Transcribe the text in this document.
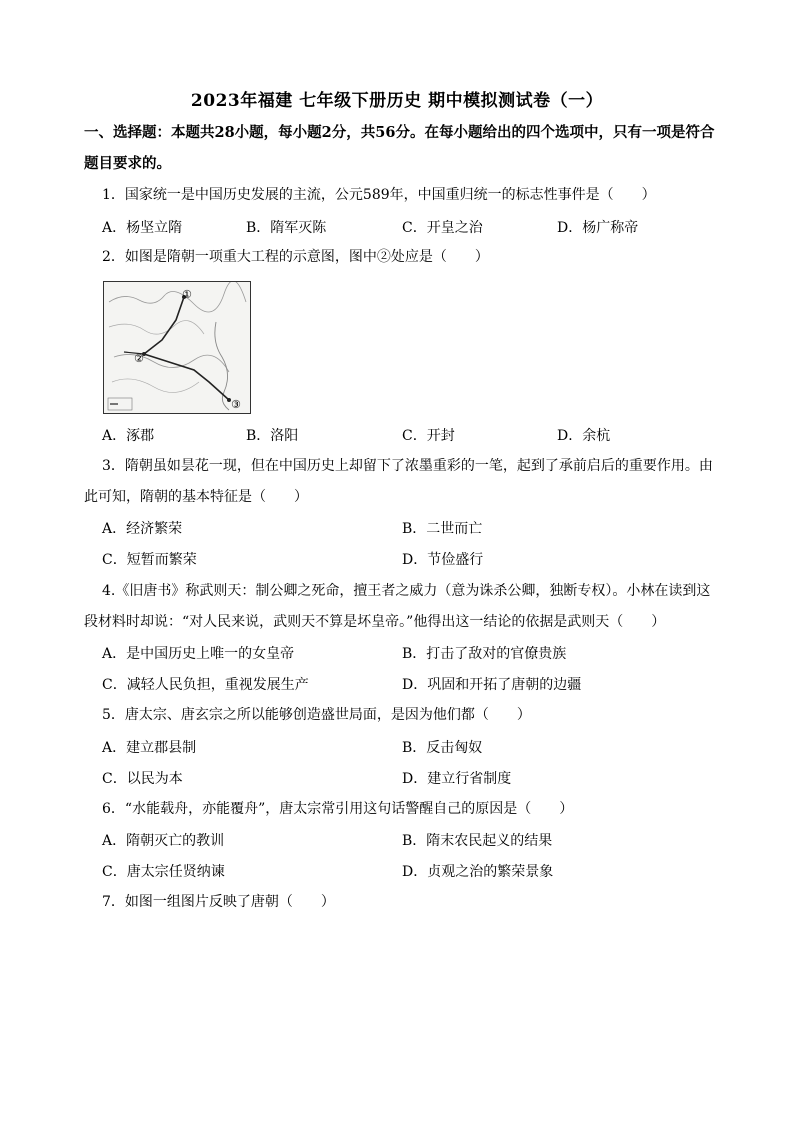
2023年福建 七年级下册历史 期中模拟测试卷（一）
一、选择题：本题共28小题，每小题2分，共56分。在每小题给出的四个选项中，只有一项是符合题目要求的。
1．国家统一是中国历史发展的主流，公元589年，中国重归统一的标志性事件是（　　）
A．杨坚立隋	B．隋军灭陈	C．开皇之治	D．杨广称帝
2．如图是隋朝一项重大工程的示意图，图中②处应是（　　）
①
②
③
A．涿郡	B．洛阳	C．开封	D．余杭
3．隋朝虽如昙花一现，但在中国历史上却留下了浓墨重彩的一笔，起到了承前启后的重要作用。由此可知，隋朝的基本特征是（　　）
A．经济繁荣	B．二世而亡
C．短暂而繁荣	D．节俭盛行
4.《旧唐书》称武则天：制公卿之死命，擅王者之威力（意为诛杀公卿，独断专权）。小林在读到这段材料时却说：“对人民来说，武则天不算是坏皇帝。”他得出这一结论的依据是武则天（　　）
A．是中国历史上唯一的女皇帝	B．打击了敌对的官僚贵族
C．减轻人民负担，重视发展生产	D．巩固和开拓了唐朝的边疆
5．唐太宗、唐玄宗之所以能够创造盛世局面，是因为他们都（　　）
A．建立郡县制	B．反击匈奴
C．以民为本	D．建立行省制度
6．“水能载舟，亦能覆舟”，唐太宗常引用这句话警醒自己的原因是（　　）
A．隋朝灭亡的教训	B．隋末农民起义的结果
C．唐太宗任贤纳谏	D．贞观之治的繁荣景象
7．如图一组图片反映了唐朝（　　）
